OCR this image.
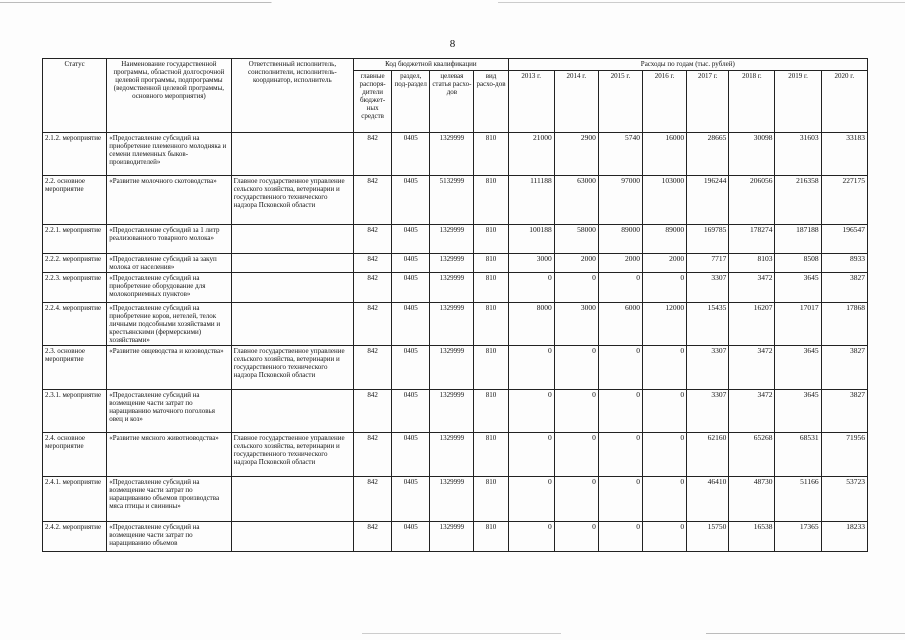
8
Статус	Наименование государственной программы, областной долгосрочной целевой программы, подпрограммы (ведомственной целевой программы, основного мероприятия)	Ответственный исполнитель, соисполнители, исполнитель-координатор, исполнитель	Код бюджетной квалификации				Расходы по годам (тыс. рублей)							
			главные распоря-дители бюджет-ных средств	раздел, под-раздел	целевая статья расхо-дов	вид расхо-дов	2013 г.	2014 г.	2015 г.	2016 г.	2017 г.	2018 г.	2019 г.	2020 г.
2.1.2. мероприятие	«Предоставление субсидий на приобретение племенного молодняка и семени племенных быков-производителей»		842	0405	1329999	810	21000	2900	5740	16000	28665	30098	31603	33183
2.2. основное мероприятие	«Развитие молочного скотоводства»	Главное государственное управление сельского хозяйства, ветеринарии и государственного технического надзора Псковской области	842	0405	5132999	810	111188	63000	97000	103000	196244	206056	216358	227175
2.2.1. мероприятие	«Предоставление субсидий за 1 литр реализованного товарного молока»		842	0405	1329999	810	100188	58000	89000	89000	169785	178274	187188	196547
2.2.2. мероприятие	«Предоставление субсидий за закуп молока от населения»		842	0405	1329999	810	3000	2000	2000	2000	7717	8103	8508	8933
2.2.3. мероприятие	«Предоставление субсидий на приобретение оборудование для молокоприемных пунктов»		842	0405	1329999	810	0	0	0	0	3307	3472	3645	3827
2.2.4. мероприятие	«Предоставление субсидий на приобретение коров, нетелей, телок личными подсобными хозяйствами и крестьянскими (фермерскими) хозяйствами»		842	0405	1329999	810	8000	3000	6000	12000	15435	16207	17017	17868
2.3. основное мероприятие	«Развитие овцеводства и козоводства»	Главное государственное управление сельского хозяйства, ветеринарии и государственного технического надзора Псковской области	842	0405	1329999	810	0	0	0	0	3307	3472	3645	3827
2.3.1. мероприятие	«Предоставление субсидий на возмещение части затрат по наращиванию маточного поголовья овец и коз»		842	0405	1329999	810	0	0	0	0	3307	3472	3645	3827
2.4. основное мероприятие	«Развитие мясного животноводства»	Главное государственное управление сельского хозяйства, ветеринарии и государственного технического надзора Псковской области	842	0405	1329999	810	0	0	0	0	62160	65268	68531	71956
2.4.1. мероприятие	«Предоставление субсидий на возмещение части затрат по наращиванию объемов производства мяса птицы и свинины»		842	0405	1329999	810	0	0	0	0	46410	48730	51166	53723
2.4.2. мероприятие	«Предоставление субсидий на возмещение части затрат по наращиванию объемов		842	0405	1329999	810	0	0	0	0	15750	16538	17365	18233
